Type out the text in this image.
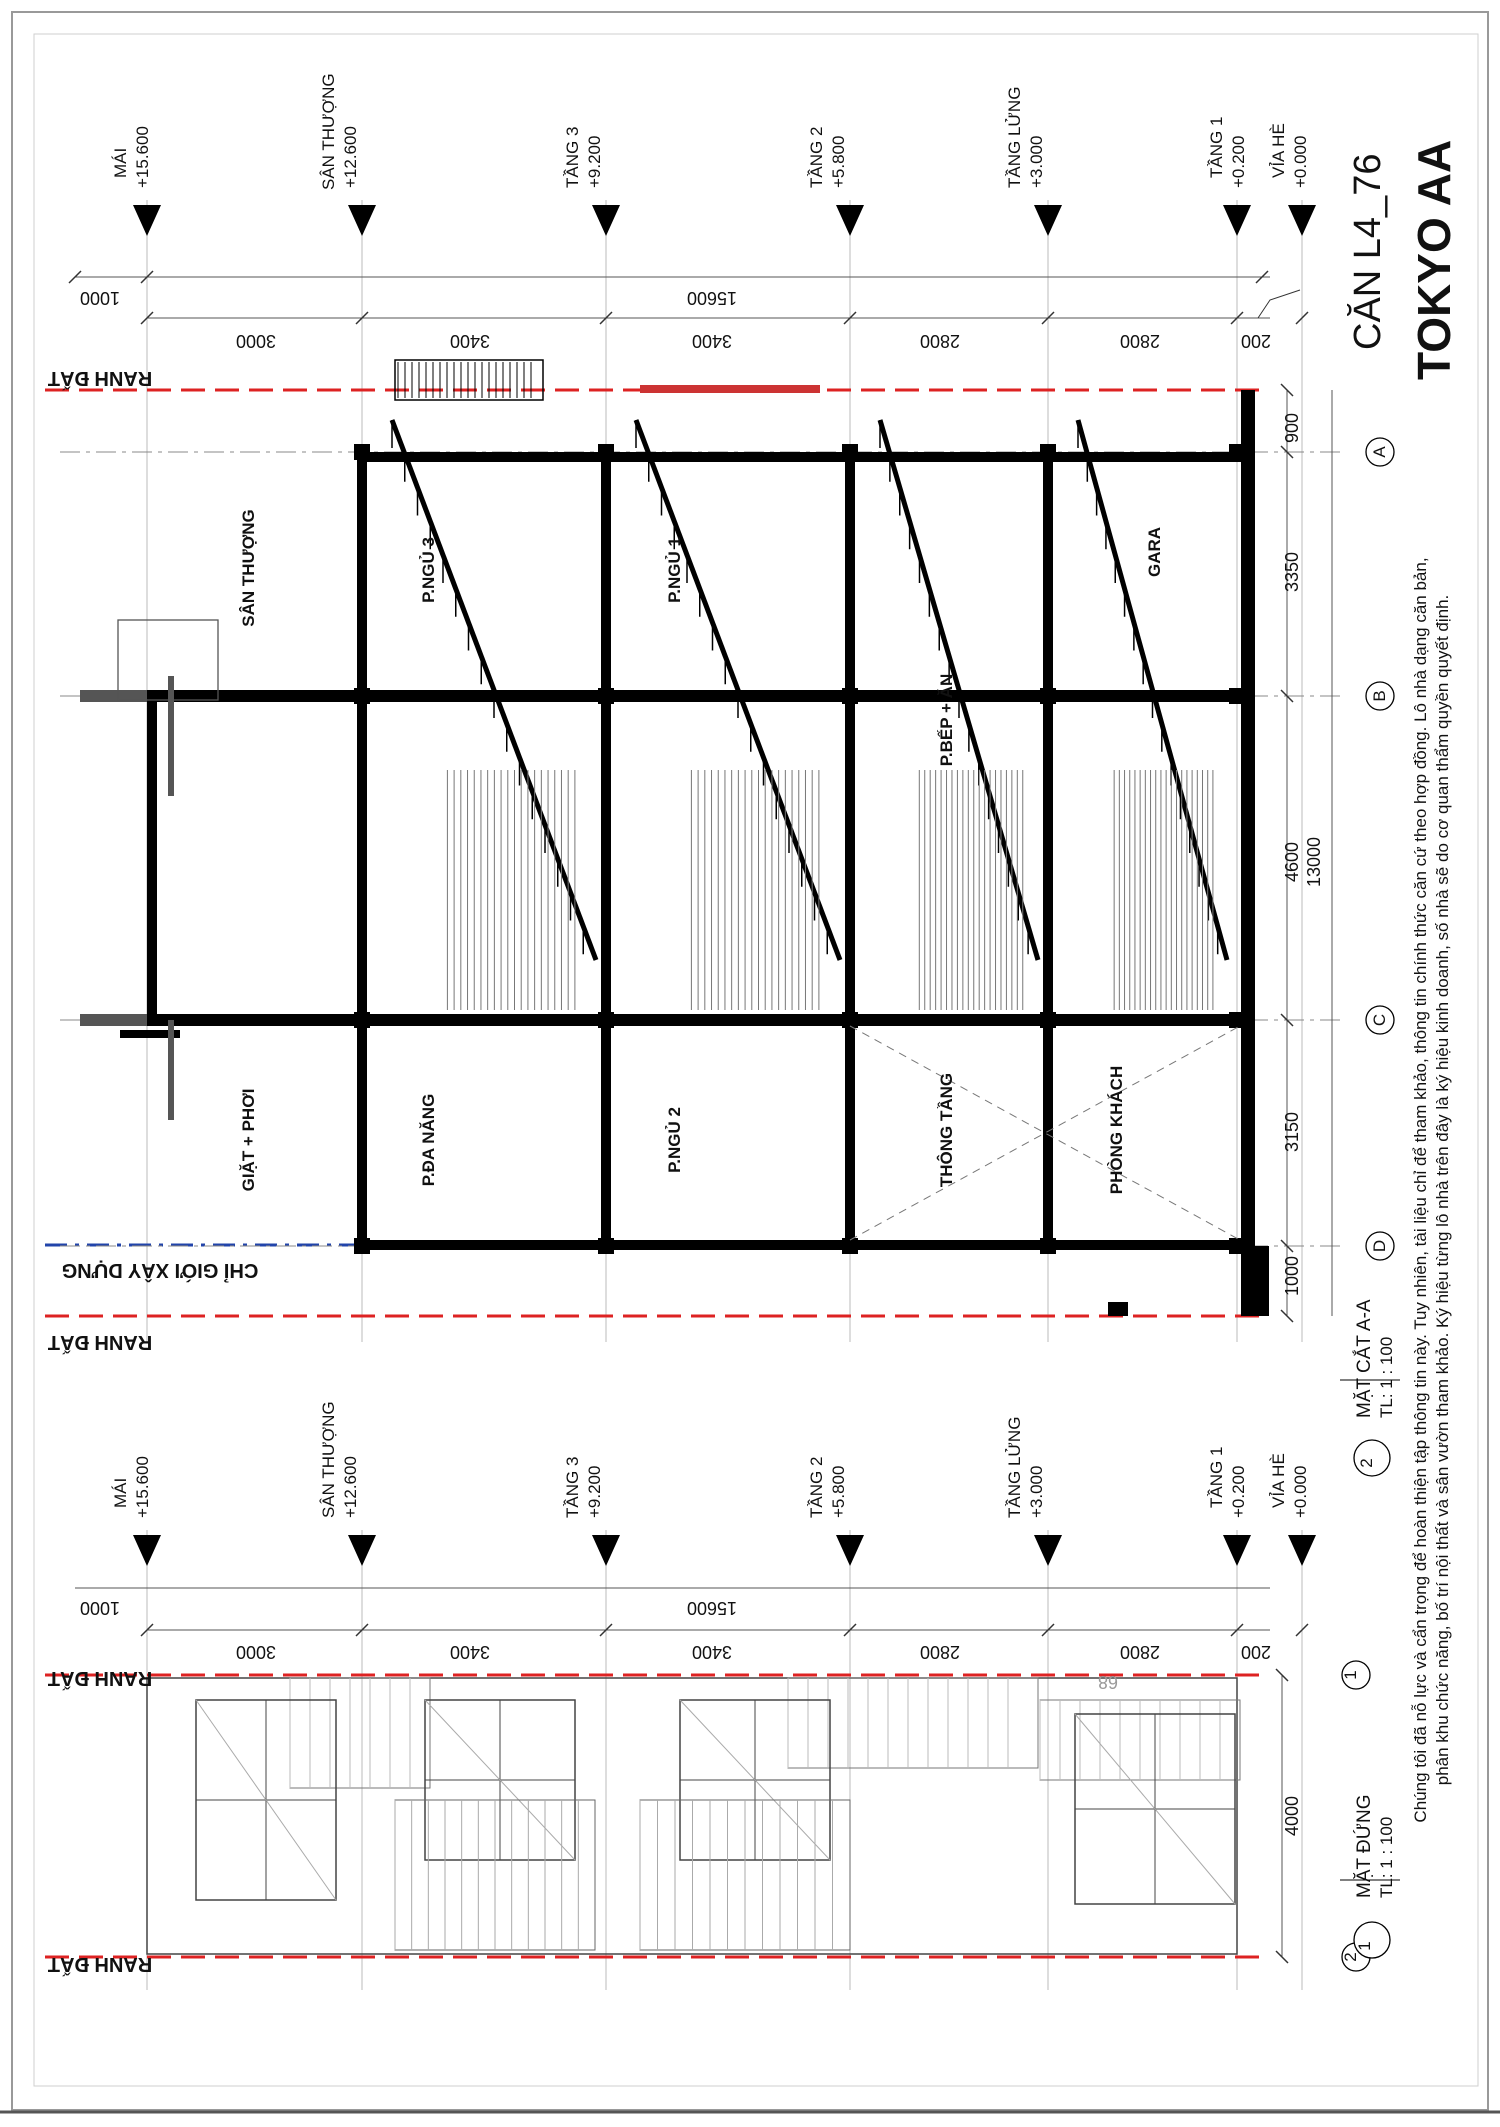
MÁI +15.600	SÂN THƯỢNG +12.600	TẦNG 3 +9.200	TẦNG 2 +5.800	TẦNG LỬNG +3.000	TẦNG 1 +0.200 VỈA HÈ +0.000
1000	15600
3000	3400	3400	2800	2800	200
RANH ĐẤT
RANH ĐẤT
CHỈ GIỚI XÂY DỰNG
SÂN THƯỢNG
GIẶT + PHƠI
P.NGỦ 3
P.ĐA NĂNG
P.NGỦ 1
P.NGỦ 2
P.BẾP + ĂN
THÔNG TẦNG
GARA
PHÒNG KHÁCH
900
3350
4600
3150
1000
13000
A
B
C
D
2
MẶT CẮT A-A TL: 1 : 100
MÁI +15.600	SÂN THƯỢNG +12.600	TẦNG 3 +9.200	TẦNG 2 +5.800	TẦNG LỬNG +3.000	TẦNG 1 +0.200 VỈA HÈ +0.000
1000	15600
3000	3400	3400	2800	2800	200
RANH ĐẤT
RANH ĐẤT
4000
1
2
68
1
MẶT ĐỨNG TL: 1 : 100
CĂN L4_76 TOKYO AA
Chúng tôi đã nỗ lực và cẩn trọng để hoàn thiện tập thông tin này. Tuy nhiên, tài liệu chỉ để tham khảo, thông tin chính thức căn cứ theo hợp đồng. Lô nhà dạng căn bản, phân khu chức năng, bố trí nội thất và sân vườn tham khảo. Ký hiệu từng lô nhà trên đây là ký hiệu kinh doanh, số nhà sẽ do cơ quan thẩm quyền quyết định.
